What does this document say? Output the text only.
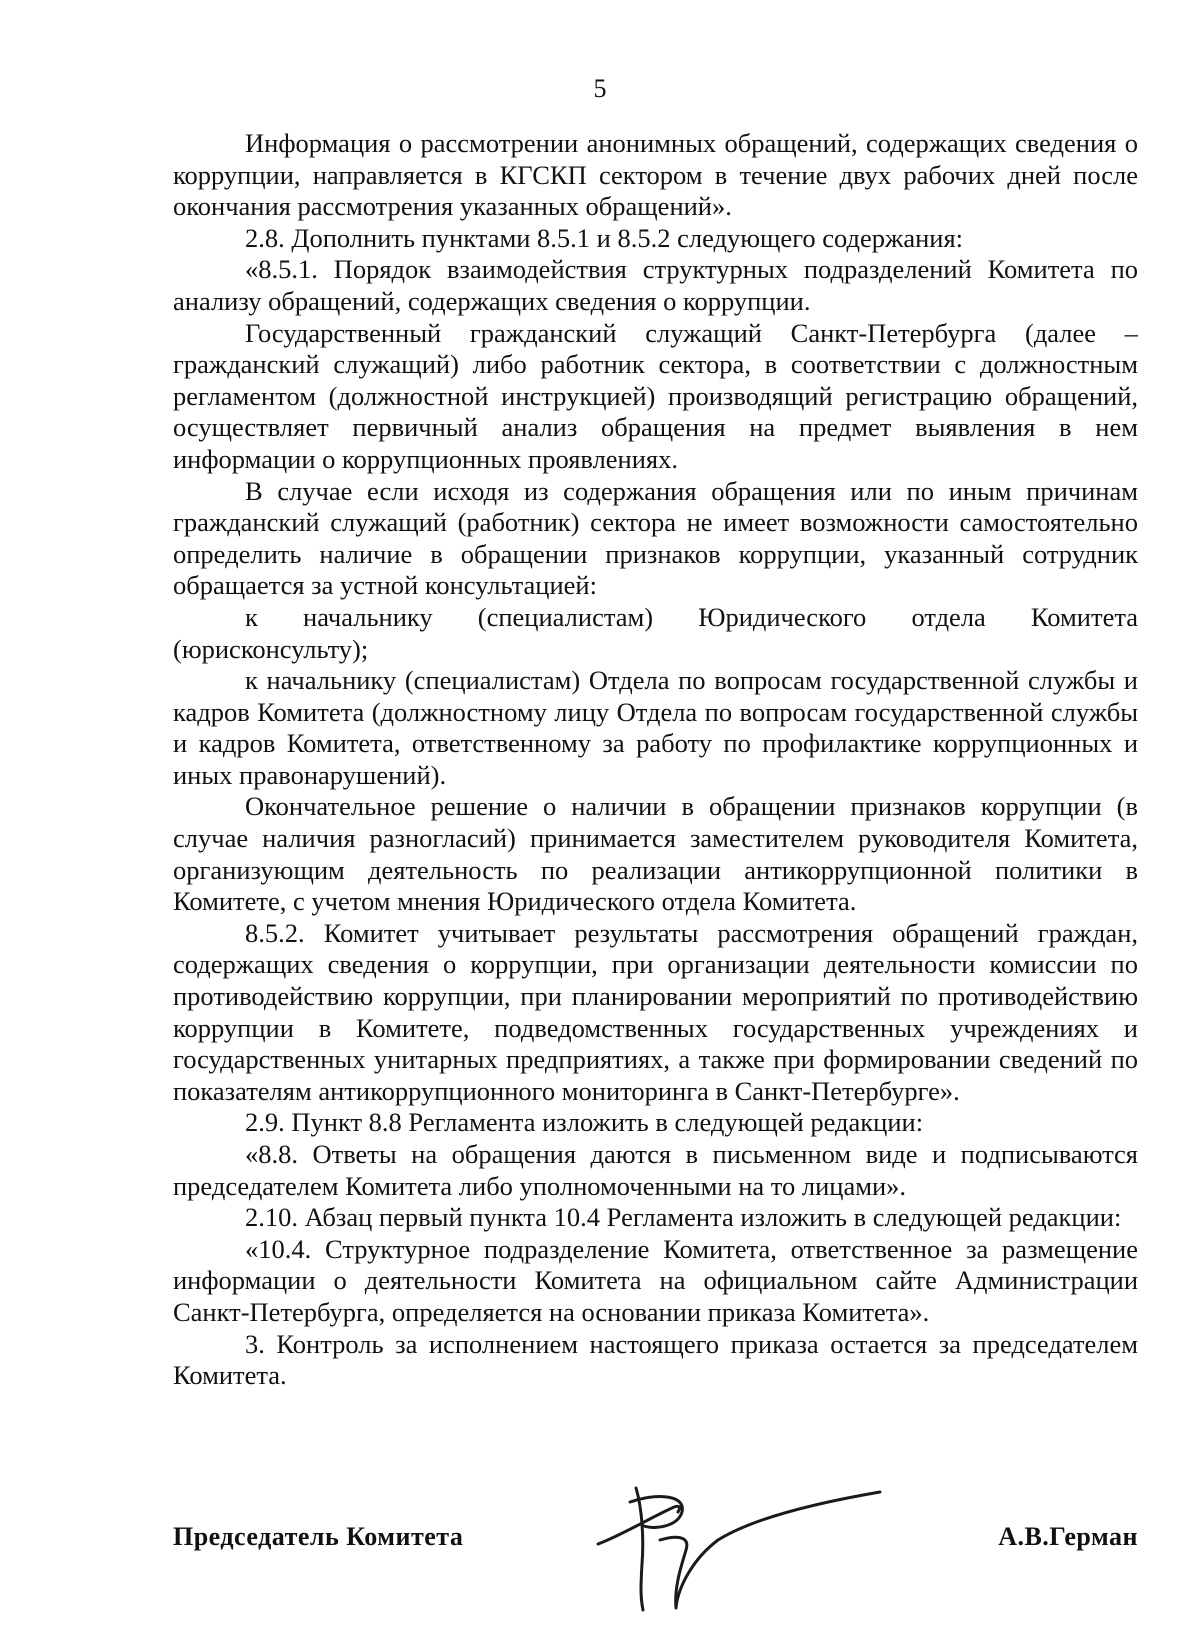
5

Информация о рассмотрении анонимных обращений, содержащих сведения о коррупции, направляется в КГСКП сектором в течение двух рабочих дней после окончания рассмотрения указанных обращений».

2.8. Дополнить пунктами 8.5.1 и 8.5.2 следующего содержания:

«8.5.1. Порядок взаимодействия структурных подразделений Комитета по анализу обращений, содержащих сведения о коррупции.

Государственный гражданский служащий Санкт-Петербурга (далее – гражданский служащий) либо работник сектора, в соответствии с должностным регламентом (должностной инструкцией) производящий регистрацию обращений, осуществляет первичный анализ обращения на предмет выявления в нем информации о коррупционных проявлениях.

В случае если исходя из содержания обращения или по иным причинам гражданский служащий (работник) сектора не имеет возможности самостоятельно определить наличие в обращении признаков коррупции, указанный сотрудник обращается за устной консультацией:

к начальнику (специалистам) Юридического отдела Комитета (юрисконсульту);

к начальнику (специалистам) Отдела по вопросам государственной службы и кадров Комитета (должностному лицу Отдела по вопросам государственной службы и кадров Комитета, ответственному за работу по профилактике коррупционных и иных правонарушений).

Окончательное решение о наличии в обращении признаков коррупции (в случае наличия разногласий) принимается заместителем руководителя Комитета, организующим деятельность по реализации антикоррупционной политики в Комитете, с учетом мнения Юридического отдела Комитета.

8.5.2. Комитет учитывает результаты рассмотрения обращений граждан, содержащих сведения о коррупции, при организации деятельности комиссии по противодействию коррупции, при планировании мероприятий по противодействию коррупции в Комитете, подведомственных государственных учреждениях и государственных унитарных предприятиях, а также при формировании сведений по показателям антикоррупционного мониторинга в Санкт-Петербурге».

2.9. Пункт 8.8 Регламента изложить в следующей редакции:

«8.8. Ответы на обращения даются в письменном виде и подписываются председателем Комитета либо уполномоченными на то лицами».

2.10. Абзац первый пункта 10.4 Регламента изложить в следующей редакции:

«10.4. Структурное подразделение Комитета, ответственное за размещение информации о деятельности Комитета на официальном сайте Администрации Санкт-Петербурга, определяется на основании приказа Комитета».

3. Контроль за исполнением настоящего приказа остается за председателем Комитета.

Председатель Комитета	А.В.Герман
